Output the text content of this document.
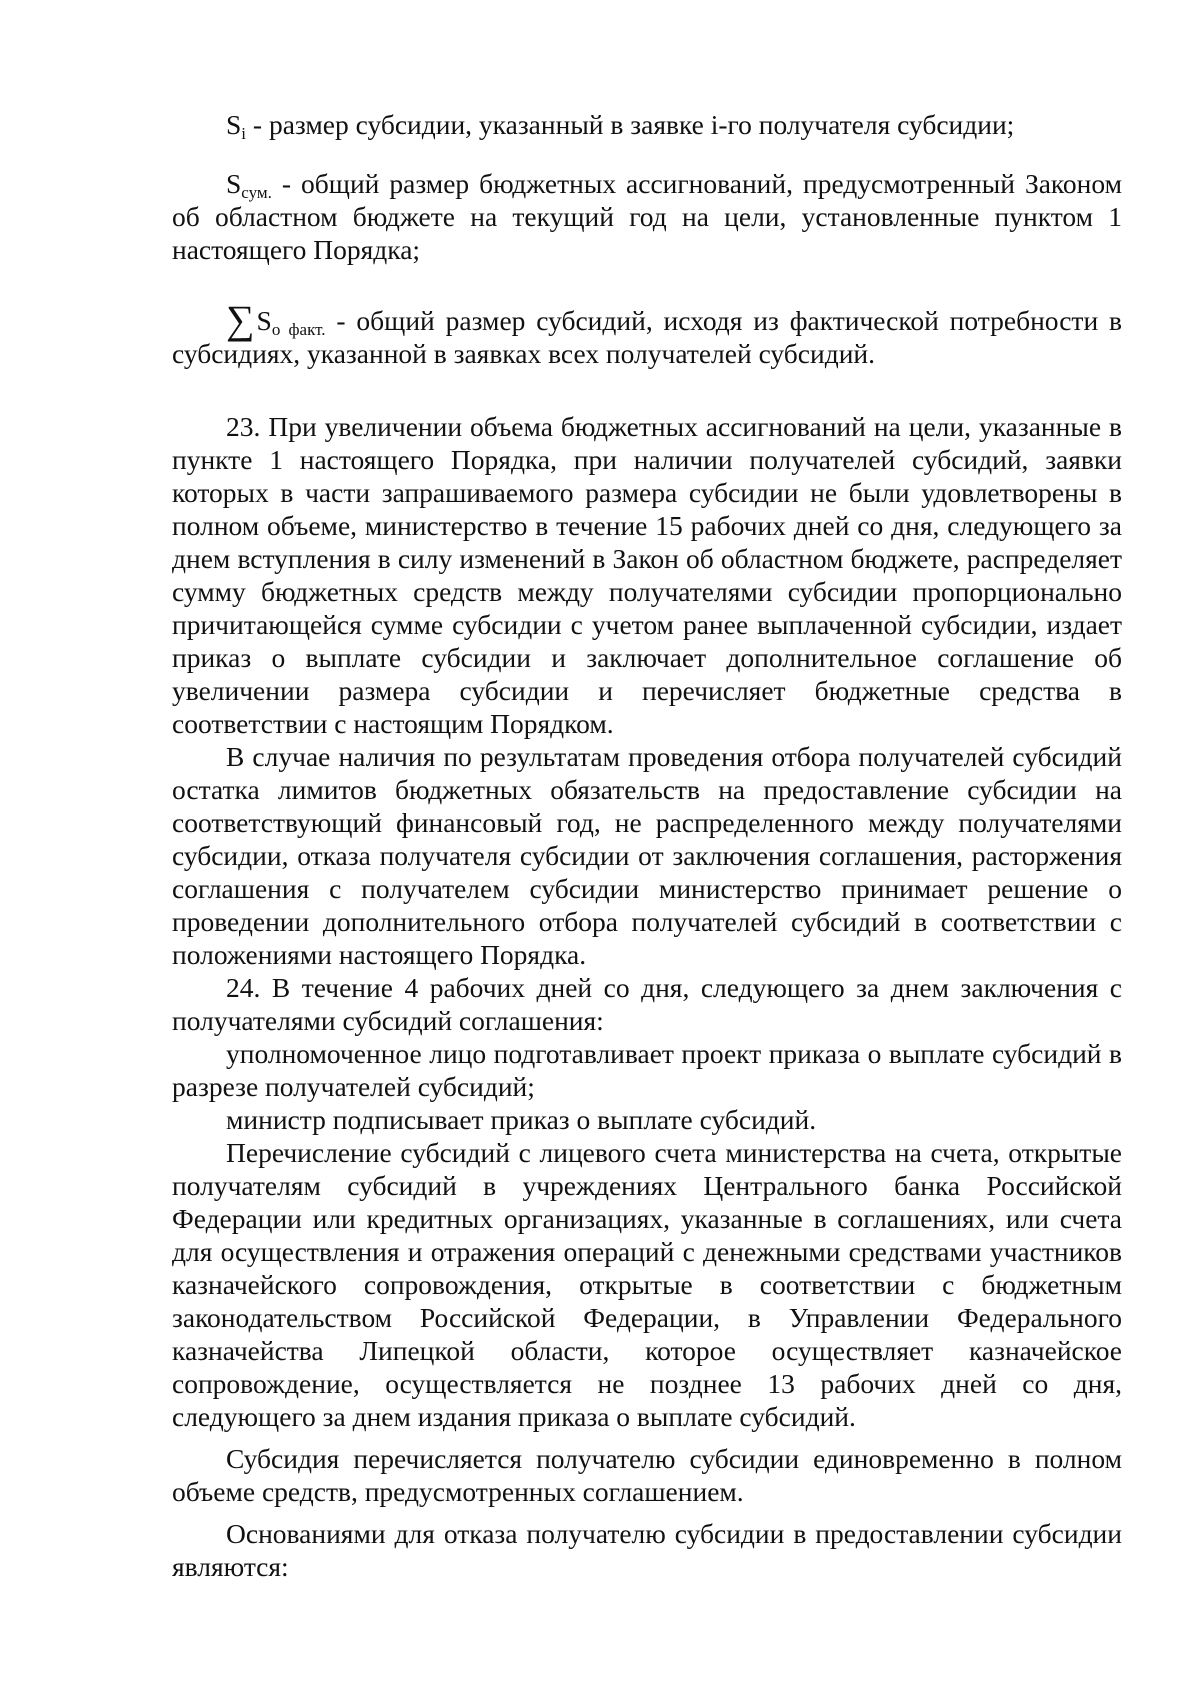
$S_i$ - размер субсидии, указанный в заявке i-го получателя субсидии;

$S_{сум.}$ - общий размер бюджетных ассигнований, предусмотренный Законом об областном бюджете на текущий год на цели, установленные пунктом 1 настоящего Порядка;

$\sum S_{о факт.}$ - общий размер субсидий, исходя из фактической потребности в субсидиях, указанной в заявках всех получателей субсидий.

23. При увеличении объема бюджетных ассигнований на цели, указанные в пункте 1 настоящего Порядка, при наличии получателей субсидий, заявки которых в части запрашиваемого размера субсидии не были удовлетворены в полном объеме, министерство в течение 15 рабочих дней со дня, следующего за днем вступления в силу изменений в Закон об областном бюджете, распределяет сумму бюджетных средств между получателями субсидии пропорционально причитающейся сумме субсидии с учетом ранее выплаченной субсидии, издает приказ о выплате субсидии и заключает дополнительное соглашение об увеличении размера субсидии и перечисляет бюджетные средства в соответствии с настоящим Порядком.

В случае наличия по результатам проведения отбора получателей субсидий остатка лимитов бюджетных обязательств на предоставление субсидии на соответствующий финансовый год, не распределенного между получателями субсидии, отказа получателя субсидии от заключения соглашения, расторжения соглашения с получателем субсидии министерство принимает решение о проведении дополнительного отбора получателей субсидий в соответствии с положениями настоящего Порядка.

24. В течение 4 рабочих дней со дня, следующего за днем заключения с получателями субсидий соглашения:

уполномоченное лицо подготавливает проект приказа о выплате субсидий в разрезе получателей субсидий;

министр подписывает приказ о выплате субсидий.

Перечисление субсидий с лицевого счета министерства на счета, открытые получателям субсидий в учреждениях Центрального банка Российской Федерации или кредитных организациях, указанные в соглашениях, или счета для осуществления и отражения операций с денежными средствами участников казначейского сопровождения, открытые в соответствии с бюджетным законодательством Российской Федерации, в Управлении Федерального казначейства Липецкой области, которое осуществляет казначейское сопровождение, осуществляется не позднее 13 рабочих дней со дня, следующего за днем издания приказа о выплате субсидий.

Субсидия перечисляется получателю субсидии единовременно в полном объеме средств, предусмотренных соглашением.

Основаниями для отказа получателю субсидии в предоставлении субсидии являются:
